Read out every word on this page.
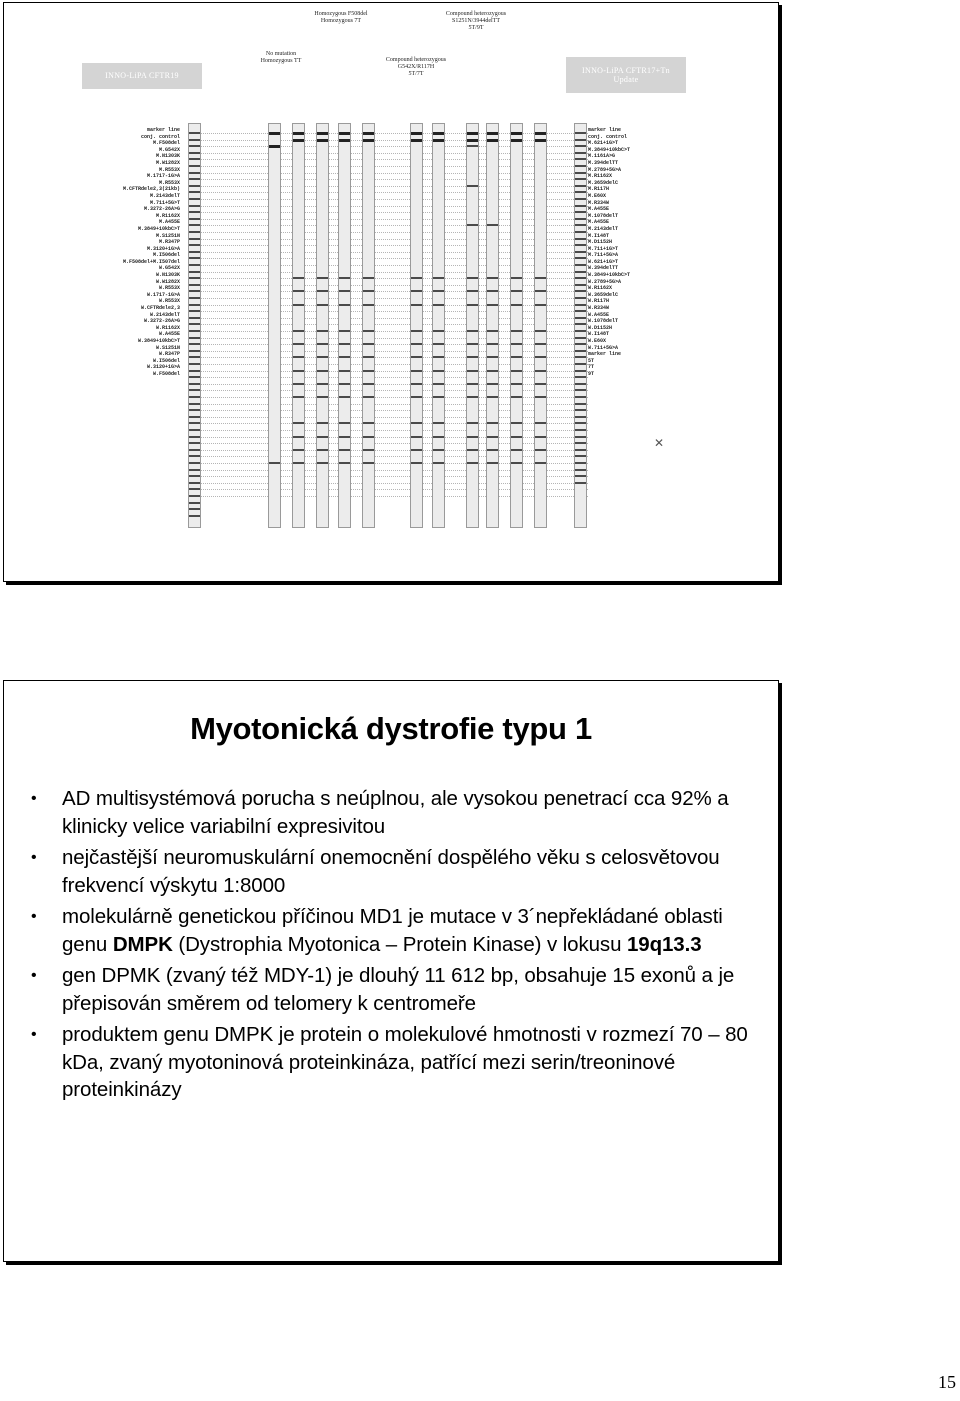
INNO-LiPA CFTR19
INNO-LiPA CFTR17+Tn
Update
No mutation
Homozygous TT
Homozygous F508del
Homozygous 7T
Compound heterozygous
G542X/R117H
5T/7T
Compound heterozygous
S1251N/3944delTT
5T/9T
marker line
conj. control
M.F508del
M.G542X
M.N1303K
M.W1282X
M.R553X
M.1717-1G>A
M.R553X
M.CFTRdele2,3(21kb)
M.2143delT
M.711+5G>T
M.3272-26A>G
M.R1162X
M.A455E
M.3849+10kbC>T
M.S1251N
M.R347P
M.3120+1G>A
M.I506del
M.F508del+M.I507del
W.G542X
W.N1303K
W.W1282X
W.R553X
W.1717-1G>A
W.R553X
W.CFTRdele2,3
W.2143delT
W.3272-26A>G
W.R1162X
W.A455E
W.3849+10kbC>T
W.S1251N
W.R347P
W.I506del
W.3120+1G>A
W.F508del
marker line
conj. control
M.621+1G>T
M.3849+10kbC>T
M.1161A>G
M.394delTT
M.2789+5G>A
M.R1162X
M.3659delC
M.R117H
M.E60X
M.R334W
M.A455E
M.1078delT
M.A455E
M.2143delT
M.I148T
M.D1152H
M.711+1G>T
M.711+5G>A
W.621+1G>T
W.394delTT
W.3849+10kbC>T
W.2789+5G>A
W.R1162X
W.3659delC
W.R117H
W.R334W
W.A455E
W.1078delT
W.D1152H
W.I148T
W.E60X
W.711+5G>A
marker line
5T
7T
9T
✕
Myotonická dystrofie typu 1
• AD multisystémová porucha s neúplnou, ale vysokou penetrací cca 92% a klinicky velice variabilní expresivitou
• nejčastější neuromuskulární onemocnění dospělého věku s celosvětovou frekvencí výskytu 1:8000
• molekulárně genetickou příčinou MD1 je mutace v 3´nepřekládané oblasti genu DMPK (Dystrophia Myotonica – Protein Kinase) v lokusu 19q13.3
• gen DPMK (zvaný též MDY-1) je dlouhý 11 612 bp, obsahuje 15 exonů a je přepisován směrem od telomery k centromeře
• produktem genu DMPK je protein o molekulové hmotnosti v rozmezí 70 – 80 kDa, zvaný myotoninová proteinkináza, patřící mezi serin/treoninové proteinkinázy
15
